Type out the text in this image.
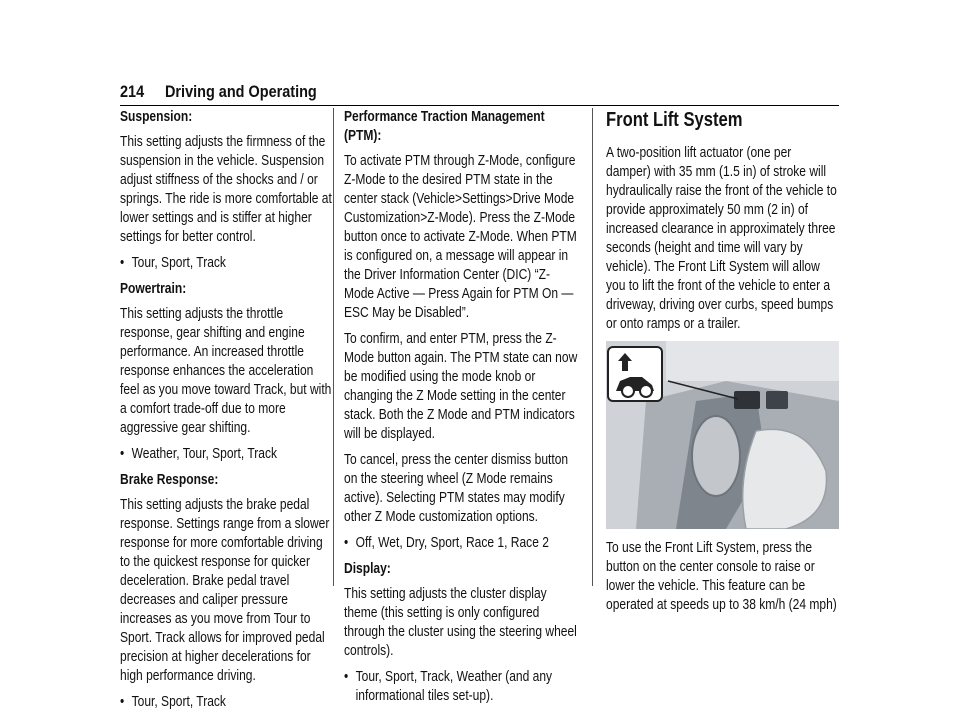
214 Driving and Operating

Suspension:

This setting adjusts the firmness of the suspension in the vehicle. Suspension adjust stiffness of the shocks and / or springs. The ride is more comfortable at lower settings and is stiffer at higher settings for better control.

• Tour, Sport, Track

Powertrain:

This setting adjusts the throttle response, gear shifting and engine performance. An increased throttle response enhances the acceleration feel as you move toward Track, but with a comfort trade-off due to more aggressive gear shifting.

• Weather, Tour, Sport, Track

Brake Response:

This setting adjusts the brake pedal response. Settings range from a slower response for more comfortable driving to the quickest response for quicker deceleration. Brake pedal travel decreases and caliper pressure increases as you move from Tour to Sport. Track allows for improved pedal precision at higher decelerations for high performance driving.

• Tour, Sport, Track

Performance Traction Management (PTM):

To activate PTM through Z-Mode, configure Z-Mode to the desired PTM state in the center stack (Vehicle>Settings>Drive Mode Customization>Z-Mode). Press the Z-Mode button once to activate Z-Mode. When PTM is configured on, a message will appear in the Driver Information Center (DIC) “Z-Mode Active — Press Again for PTM On — ESC May be Disabled”.

To confirm, and enter PTM, press the Z-Mode button again. The PTM state can now be modified using the mode knob or changing the Z Mode setting in the center stack. Both the Z Mode and PTM indicators will be displayed.

To cancel, press the center dismiss button on the steering wheel (Z Mode remains active). Selecting PTM states may modify other Z Mode customization options.

• Off, Wet, Dry, Sport, Race 1, Race 2

Display:

This setting adjusts the cluster display theme (this setting is only configured through the cluster using the steering wheel controls).

• Tour, Sport, Track, Weather (and any informational tiles set-up).
Front Lift System

A two-position lift actuator (one per damper) with 35 mm (1.5 in) of stroke will hydraulically raise the front of the vehicle to provide approximately 50 mm (2 in) of increased clearance in approximately three seconds (height and time will vary by vehicle). The Front Lift System will allow you to lift the front of the vehicle to enter a driveway, driving over curbs, speed bumps or onto ramps or a trailer.

To use the Front Lift System, press the button on the center console to raise or lower the vehicle. This feature can be operated at speeds up to 38 km/h (24 mph)
